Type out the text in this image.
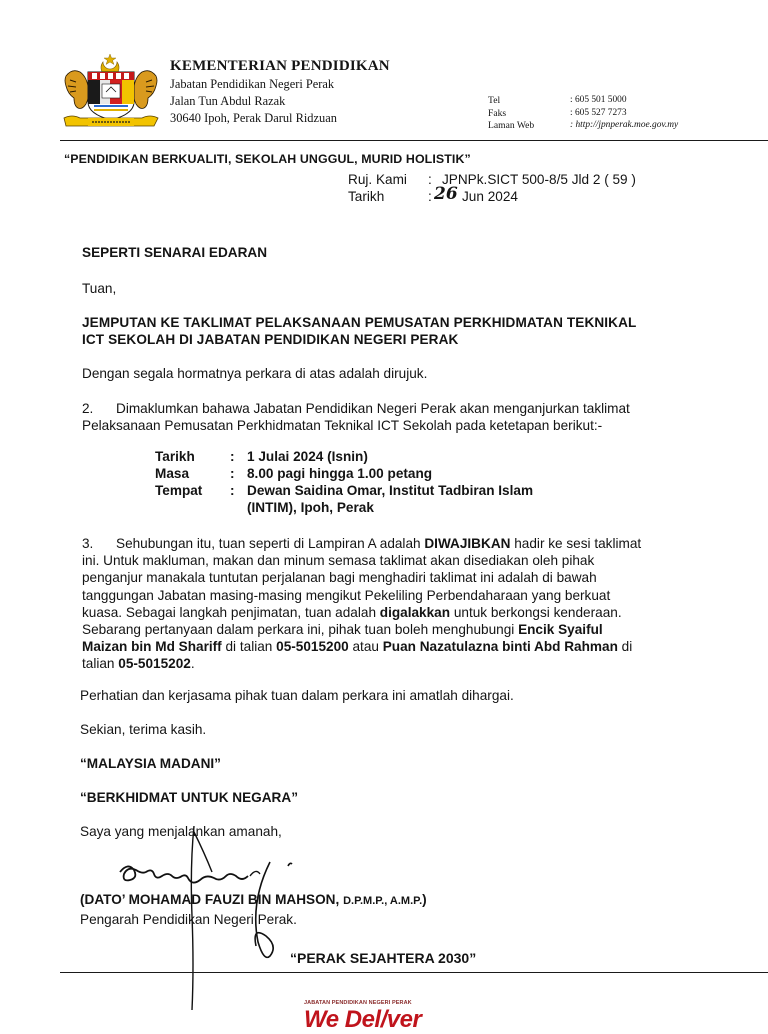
KEMENTERIAN PENDIDIKAN
Jabatan Pendidikan Negeri Perak
Jalan Tun Abdul Razak
30640 Ipoh, Perak Darul Ridzuan
Tel	: 605 501 5000
Faks	: 605 527 7273
Laman Web	: http://jpnperak.moe.gov.my
“PENDIDIKAN BERKUALITI, SEKOLAH UNGGUL, MURID HOLISTIK”
Ruj. Kami : JPNPk.SICT 500-8/5 Jld 2 ( 59 )
Tarikh	: 26 Jun 2024
SEPERTI SENARAI EDARAN
Tuan,
JEMPUTAN KE TAKLIMAT PELAKSANAAN PEMUSATAN PERKHIDMATAN TEKNIKAL
ICT SEKOLAH DI JABATAN PENDIDIKAN NEGERI PERAK
Dengan segala hormatnya perkara di atas adalah dirujuk.
2.      Dimaklumkan bahawa Jabatan Pendidikan Negeri Perak akan menganjurkan taklimat
Pelaksanaan Pemusatan Perkhidmatan Teknikal ICT Sekolah pada ketetapan berikut:-
Tarikh	: 1 Julai 2024 (Isnin)
Masa	: 8.00 pagi hingga 1.00 petang
Tempat : Dewan Saidina Omar, Institut Tadbiran Islam
(INTIM), Ipoh, Perak
3.      Sehubungan itu, tuan seperti di Lampiran A adalah DIWAJIBKAN hadir ke sesi taklimat
ini. Untuk makluman, makan dan minum semasa taklimat akan disediakan oleh pihak
penganjur manakala tuntutan perjalanan bagi menghadiri taklimat ini adalah di bawah
tanggungan Jabatan masing-masing mengikut Pekeliling Perbendaharaan yang berkuat
kuasa. Sebagai langkah penjimatan, tuan adalah digalakkan untuk berkongsi kenderaan.
Sebarang pertanyaan dalam perkara ini, pihak tuan boleh menghubungi Encik Syaiful
Maizan bin Md Shariff di talian 05-5015200 atau Puan Nazatulazna binti Abd Rahman di
talian 05-5015202.
Perhatian dan kerjasama pihak tuan dalam perkara ini amatlah dihargai.
Sekian, terima kasih.
“MALAYSIA MADANI”
“BERKHIDMAT UNTUK NEGARA”
Saya yang menjalankan amanah,
(DATO’ MOHAMAD FAUZI BIN MAHSON, D.P.M.P., A.M.P.)
Pengarah Pendidikan Negeri Perak.
“PERAK SEJAHTERA 2030”
JABATAN PENDIDIKAN NEGERI PERAK
We Del/ver
